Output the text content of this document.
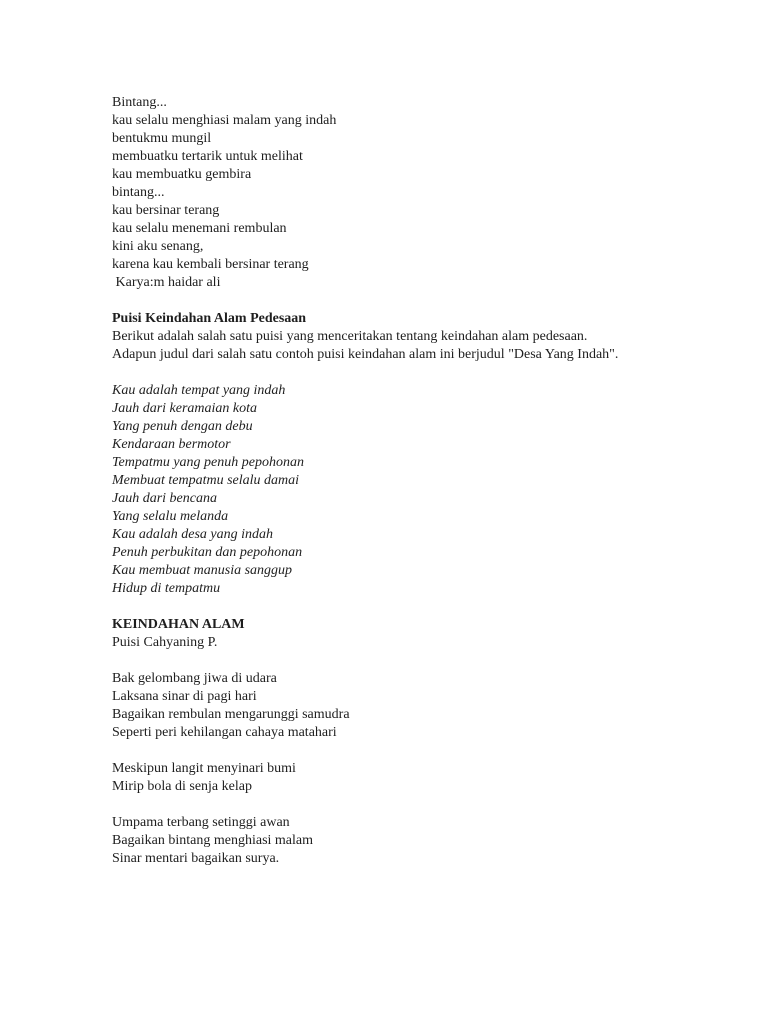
Bintang...
kau selalu menghiasi malam yang indah
bentukmu mungil
membuatku tertarik untuk melihat
kau membuatku gembira
bintang...
kau bersinar terang
kau selalu menemani rembulan
kini aku senang,
karena kau kembali bersinar terang
Karya:m haidar ali
Puisi Keindahan Alam Pedesaan
Berikut adalah salah satu puisi yang menceritakan tentang keindahan alam pedesaan. Adapun judul dari salah satu contoh puisi keindahan alam ini berjudul "Desa Yang Indah".
Kau adalah tempat yang indah
Jauh dari keramaian kota
Yang penuh dengan debu
Kendaraan bermotor
Tempatmu yang penuh pepohonan
Membuat tempatmu selalu damai
Jauh dari bencana
Yang selalu melanda
Kau adalah desa yang indah
Penuh perbukitan dan pepohonan
Kau membuat manusia sanggup
Hidup di tempatmu
KEINDAHAN ALAM
Puisi Cahyaning P.
Bak gelombang jiwa di udara
Laksana sinar di pagi hari
Bagaikan rembulan mengarunggi samudra
Seperti peri kehilangan cahaya matahari
Meskipun langit menyinari bumi
Mirip bola di senja kelap
Umpama terbang setinggi awan
Bagaikan bintang menghiasi malam
Sinar mentari bagaikan surya.
